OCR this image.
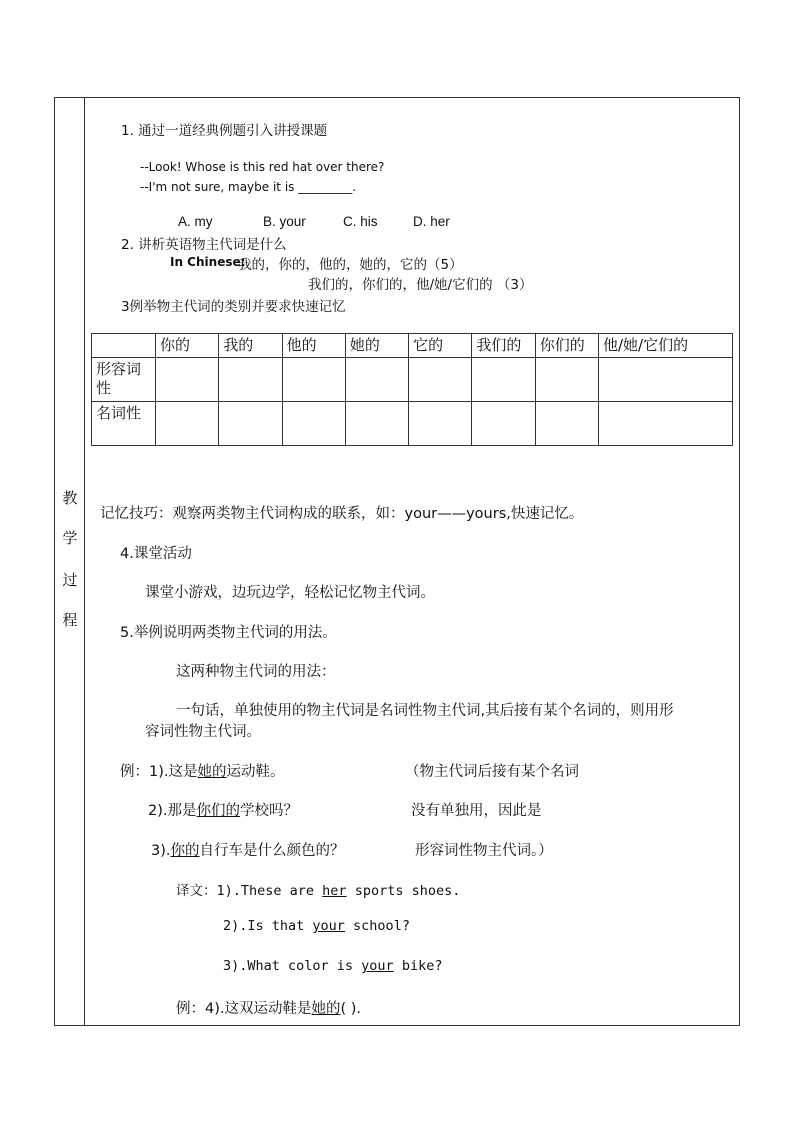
教
学
过
程
1. 通过一道经典例题引入讲授课题
--Look! Whose is this red hat over there?
--I'm not sure, maybe it is _________.
A. my	B. your	C. his	D. her
2. 讲析英语物主代词是什么
In Chinese:
我的，你的，他的，她的，它的（5）
我们的，你们的，他/她/它们的 （3）
3例举物主代词的类别并要求快速记忆
	你的	我的	他的	她的	它的	我们的	你们的	他/她/它们的
形容词性								
名词性								
记忆技巧：观察两类物主代词构成的联系，如：your——yours,快速记忆。
4.课堂活动
课堂小游戏，边玩边学，轻松记忆物主代词。
5.举例说明两类物主代词的用法。
这两种物主代词的用法：
一句话，单独使用的物主代词是名词性物主代词,其后接有某个名词的，则用形
容词性物主代词。
例：1).这是她的运动鞋。	（物主代词后接有某个名词
2).那是你们的学校吗？	没有单独用，因此是
3).你的自行车是什么颜色的？	形容词性物主代词。）
译文：1).These are her sports shoes.
2).Is that your school?
3).What color is your bike?
例：4).这双运动鞋是她的( ).
